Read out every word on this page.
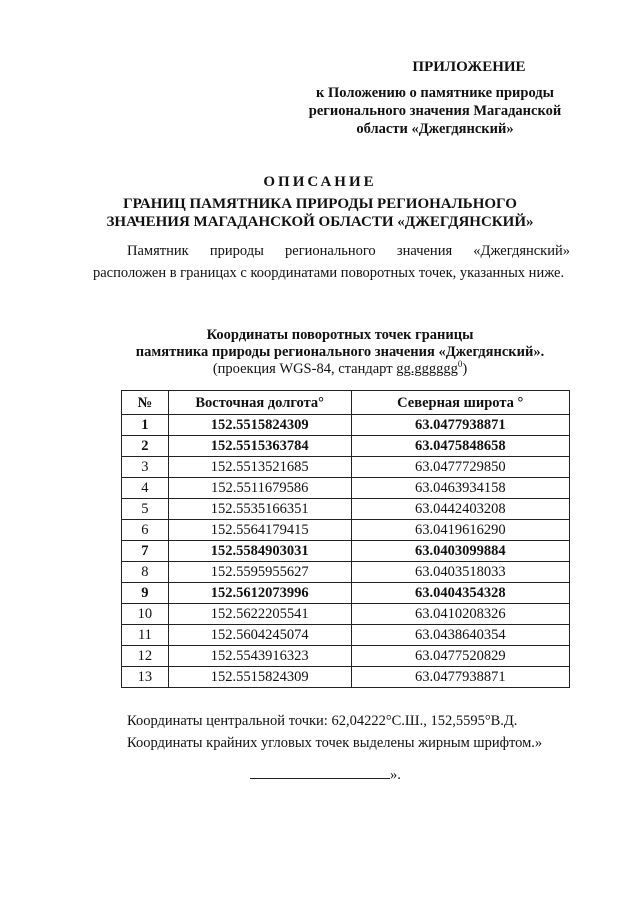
ПРИЛОЖЕНИЕ
к Положению о памятнике природы
регионального значения Магаданской
области «Джегдянский»
ОПИСАНИЕ
ГРАНИЦ ПАМЯТНИКА ПРИРОДЫ РЕГИОНАЛЬНОГО
ЗНАЧЕНИЯ МАГАДАНСКОЙ ОБЛАСТИ «ДЖЕГДЯНСКИЙ»
Памятник природы регионального значения «Джегдянский» расположен в границах с координатами поворотных точек, указанных ниже.
Координаты поворотных точек границы
памятника природы регионального значения «Джегдянский».
(проекция WGS-84, стандарт gg.gggggg$^0$)
№	Восточная долгота°	Северная широта °
1	152.5515824309	63.0477938871
2	152.5515363784	63.0475848658
3	152.5513521685	63.0477729850
4	152.5511679586	63.0463934158
5	152.5535166351	63.0442403208
6	152.5564179415	63.0419616290
7	152.5584903031	63.0403099884
8	152.5595955627	63.0403518033
9	152.5612073996	63.0404354328
10	152.5622205541	63.0410208326
11	152.5604245074	63.0438640354
12	152.5543916323	63.0477520829
13	152.5515824309	63.0477938871
Координаты центральной точки: 62,04222°С.Ш., 152,5595°В.Д.
Координаты крайних угловых точек выделены жирным шрифтом.»
».
